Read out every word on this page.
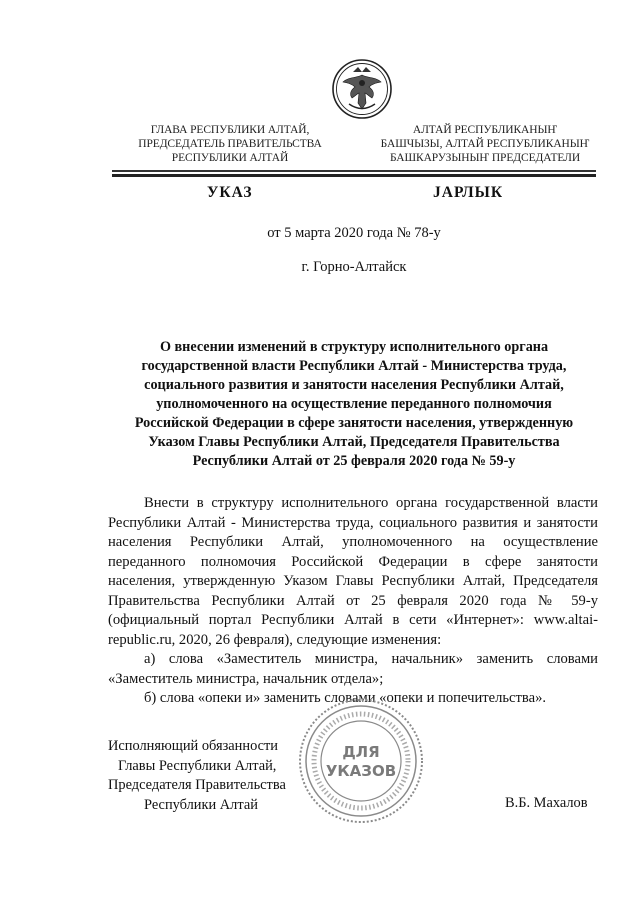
ГЛАВА РЕСПУБЛИКИ АЛТАЙ,
ПРЕДСЕДАТЕЛЬ ПРАВИТЕЛЬСТВА
РЕСПУБЛИКИ АЛТАЙ
АЛТАЙ РЕСПУБЛИКАНЫҤ
БАШЧЫЗЫ, АЛТАЙ РЕСПУБЛИКАНЫҤ
БАШКАРУЗЫНЫҤ ПРЕДСЕДАТЕЛИ
УКАЗ	JАРЛЫК
от 5 марта 2020 года № 78-у
г. Горно-Алтайск
О внесении изменений в структуру исполнительного органа
государственной власти Республики Алтай - Министерства труда,
социального развития и занятости населения Республики Алтай,
уполномоченного на осуществление переданного полномочия
Российской Федерации в сфере занятости населения, утвержденную
Указом Главы Республики Алтай, Председателя Правительства
Республики Алтай от 25 февраля 2020 года № 59-у

Внести в структуру исполнительного органа государственной власти Республики Алтай - Министерства труда, социального развития и занятости населения Республики Алтай, уполномоченного на осуществление переданного полномочия Российской Федерации в сфере занятости населения, утвержденную Указом Главы Республики Алтай, Председателя Правительства Республики Алтай от 25 февраля 2020 года № 59-у (официальный портал Республики Алтай в сети «Интернет»: www.altai-republic.ru, 2020, 26 февраля), следующие изменения:

а) слова «Заместитель министра, начальник» заменить словами «Заместитель министра, начальник отдела»;

б) слова «опеки и» заменить словами «опеки и попечительства».

Исполняющий обязанности
Главы Республики Алтай,
Председателя Правительства
Республики Алтай
ДЛЯ
УКАЗОВ
В.Б. Махалов
